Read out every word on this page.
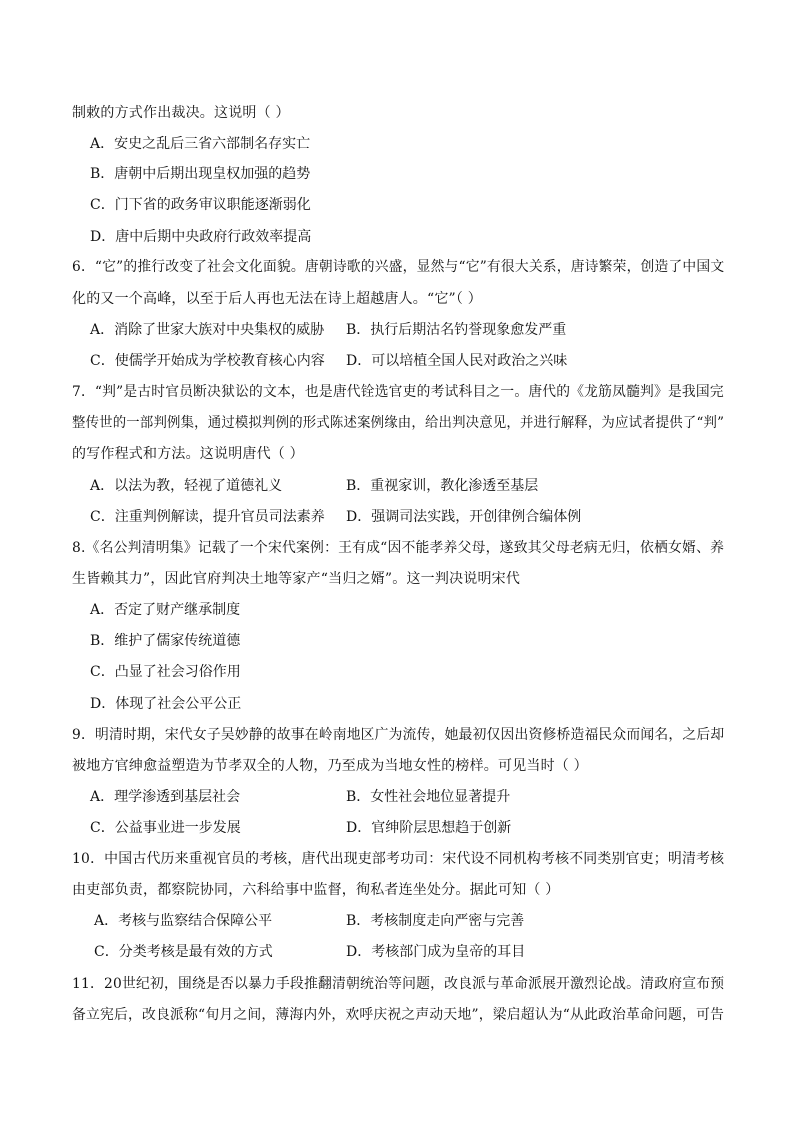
制敕的方式作出裁决。这说明（ ）
A．安史之乱后三省六部制名存实亡
B．唐朝中后期出现皇权加强的趋势
C．门下省的政务审议职能逐渐弱化
D．唐中后期中央政府行政效率提高
6．“它”的推行改变了社会文化面貌。唐朝诗歌的兴盛，显然与“它”有很大关系，唐诗繁荣，创造了中国文
化的又一个高峰，以至于后人再也无法在诗上超越唐人。“它”（ ）
A．消除了世家大族对中央集权的威胁 B．执行后期沽名钓誉现象愈发严重
C．使儒学开始成为学校教育核心内容 D．可以培植全国人民对政治之兴味
7．“判”是古时官员断决狱讼的文本，也是唐代铨选官吏的考试科目之一。唐代的《龙筋凤髓判》是我国完
整传世的一部判例集，通过模拟判例的形式陈述案例缘由，给出判决意见，并进行解释，为应试者提供了“判”
的写作程式和方法。这说明唐代（ ）
A．以法为教，轻视了道德礼义	B．重视家训，教化渗透至基层
C．注重判例解读，提升官员司法素养 D．强调司法实践，开创律例合编体例
8.《名公判清明集》记载了一个宋代案例：王有成“因不能孝养父母，遂致其父母老病无归，依栖女婿、养
生皆赖其力”，因此官府判决土地等家产“当归之婿”。这一判决说明宋代
A．否定了财产继承制度
B．维护了儒家传统道德
C．凸显了社会习俗作用
D．体现了社会公平公正
9．明清时期，宋代女子吴妙静的故事在岭南地区广为流传，她最初仅因出资修桥造福民众而闻名，之后却
被地方官绅愈益塑造为节孝双全的人物，乃至成为当地女性的榜样。可见当时（ ）
A．理学渗透到基层社会	B．女性社会地位显著提升
C．公益事业进一步发展	D．官绅阶层思想趋于创新
10．中国古代历来重视官员的考核，唐代出现吏部考功司：宋代设不同机构考核不同类别官吏；明清考核
由吏部负责，都察院协同，六科给事中监督，徇私者连坐处分。据此可知（ ）
A．考核与监察结合保障公平	B．考核制度走向严密与完善
C．分类考核是最有效的方式	D．考核部门成为皇帝的耳目
11．20世纪初，围绕是否以暴力手段推翻清朝统治等问题，改良派与革命派展开激烈论战。清政府宣布预
备立宪后，改良派称“旬月之间，薄海内外，欢呼庆祝之声动天地”，梁启超认为“从此政治革命问题，可告
